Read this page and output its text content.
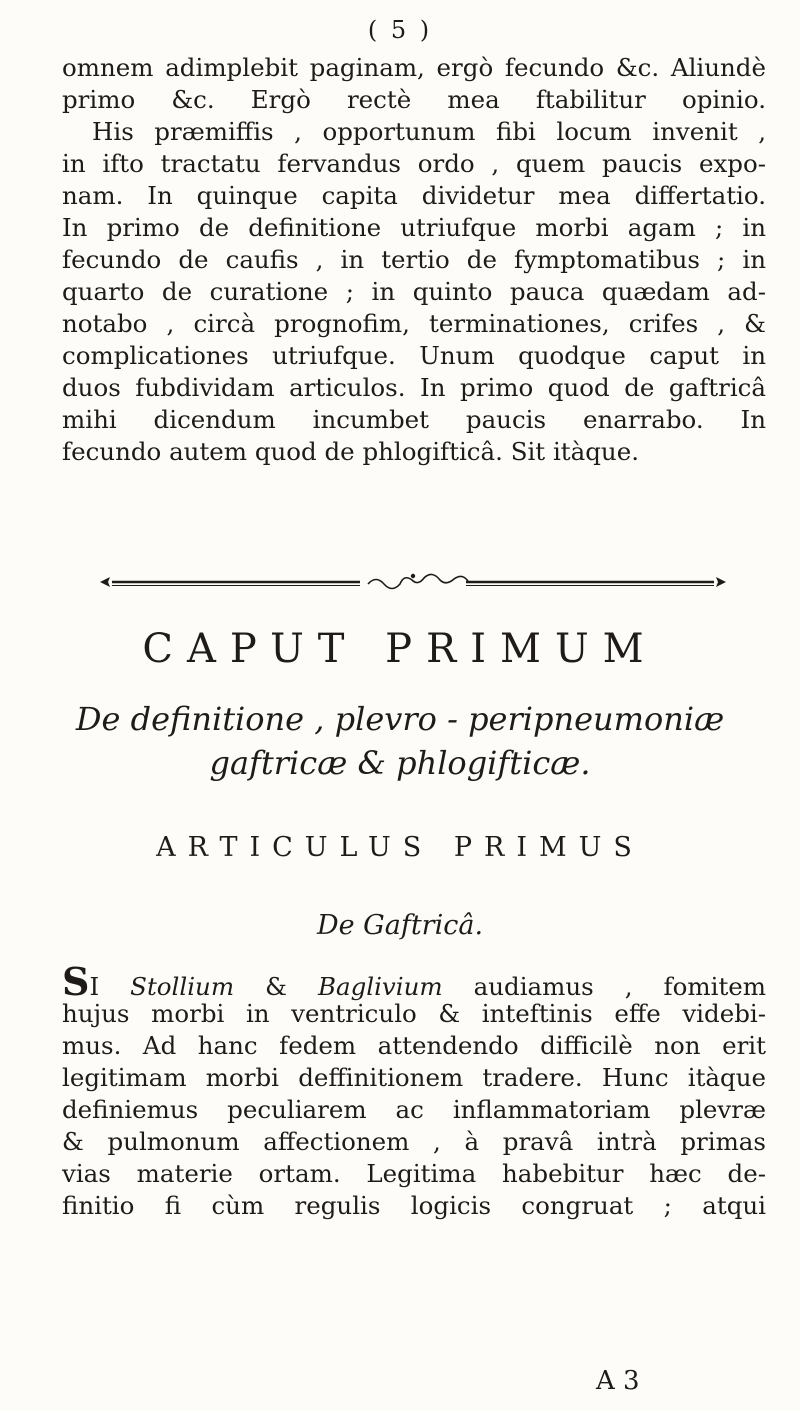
( 5 )
omnem adimplebit paginam, ergò fecundo &c. Aliundè
primo &c. Ergò rectè mea ftabilitur opinio.
His præmiffis , opportunum fibi locum invenit ,
in ifto tractatu fervandus ordo , quem paucis expo-
nam. In quinque capita dividetur mea differtatio.
In primo de definitione utriufque morbi agam ; in
fecundo de caufis , in tertio de fymptomatibus ; in
quarto de curatione ; in quinto pauca quædam ad-
notabo , circà prognofim, terminationes, crifes , &
complicationes utriufque. Unum quodque caput in
duos fubdividam articulos. In primo quod de gaftricâ
mihi dicendum incumbet paucis enarrabo. In
fecundo autem quod de phlogifticâ. Sit itàque.
CAPUT PRIMUM
De definitione , plevro - peripneumoniæ
gaftricæ & phlogifticæ.
ARTICULUS PRIMUS
De Gaftricâ.
SI Stollium & Baglivium audiamus , fomitem
hujus morbi in ventriculo & inteftinis effe videbi-
mus. Ad hanc fedem attendendo difficilè non erit
legitimam morbi deffinitionem tradere. Hunc itàque
definiemus peculiarem ac inflammatoriam plevræ
& pulmonum affectionem , à pravâ intrà primas
vias materie ortam. Legitima habebitur hæc de-
finitio fi cùm regulis logicis congruat ; atqui
A 3
